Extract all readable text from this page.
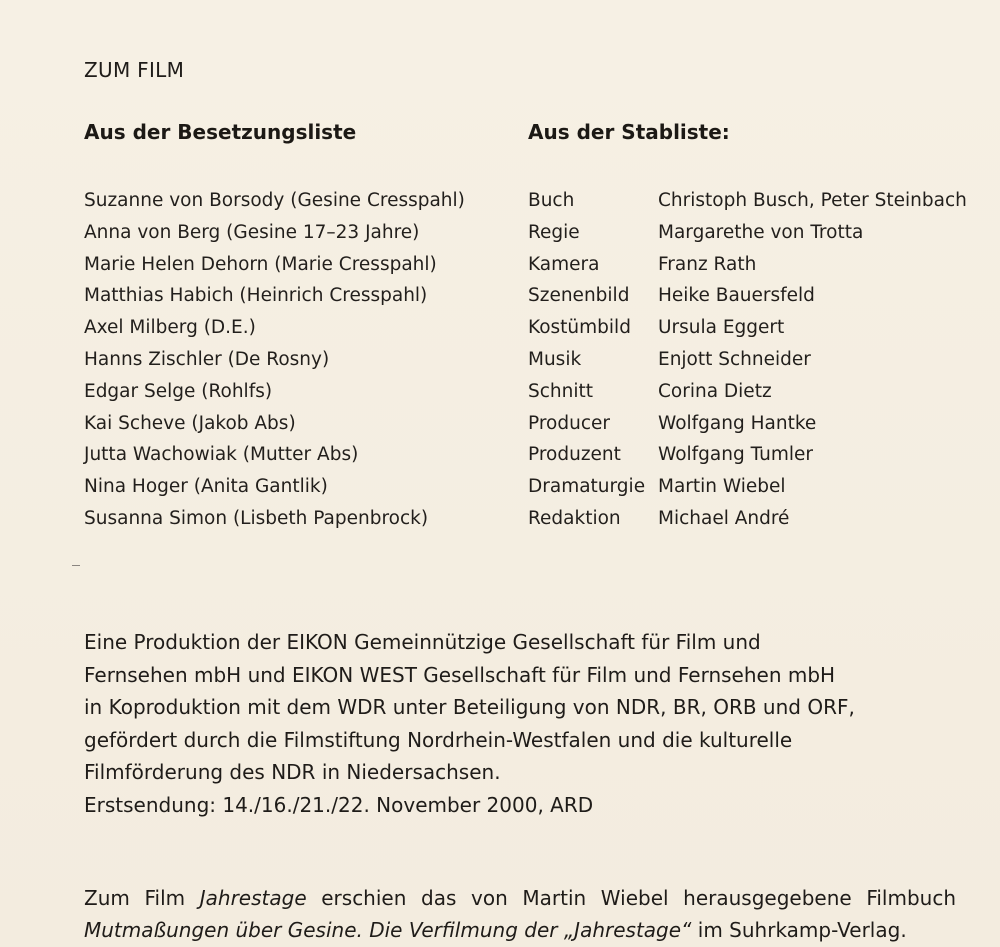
ZUM FILM
Aus der Besetzungsliste	Aus der Stabliste:
Suzanne von Borsody (Gesine Cresspahl)
Anna von Berg (Gesine 17–23 Jahre)
Marie Helen Dehorn (Marie Cresspahl)
Matthias Habich (Heinrich Cresspahl)
Axel Milberg (D.E.)
Hanns Zischler (De Rosny)
Edgar Selge (Rohlfs)
Kai Scheve (Jakob Abs)
Jutta Wachowiak (Mutter Abs)
Nina Hoger (Anita Gantlik)
Susanna Simon (Lisbeth Papenbrock)
Buch	Christoph Busch, Peter Steinbach
Regie	Margarethe von Trotta
Kamera	Franz Rath
Szenenbild Heike Bauersfeld
Kostümbild Ursula Eggert
Musik	Enjott Schneider
Schnitt	Corina Dietz
Producer	Wolfgang Hantke
Produzent Wolfgang Tumler
Dramaturgie Martin Wiebel
Redaktion Michael André

Eine Produktion der EIKON Gemeinnützige Gesellschaft für Film und

Fernsehen mbH und EIKON WEST Gesellschaft für Film und Fernsehen mbH

in Koproduktion mit dem WDR unter Beteiligung von NDR, BR, ORB und ORF,

gefördert durch die Filmstiftung Nordrhein-Westfalen und die kulturelle

Filmförderung des NDR in Niedersachsen.

Erstsendung: 14./16./21./22. November 2000, ARD

Zum Film Jahrestage erschien das von Martin Wiebel herausgegebene Filmbuch Mutmaßungen über Gesine. Die Verfilmung der „Jahrestage“ im Suhrkamp-Verlag.
